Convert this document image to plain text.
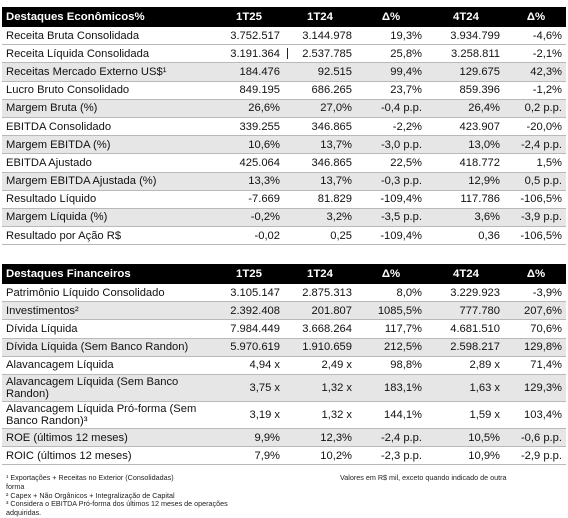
Destaques Econômicos%	1T25	1T24	Δ%	4T24	Δ%
Receita Bruta Consolidada	3.752.517	3.144.978	19,3%	3.934.799	-4,6%
Receita Líquida Consolidada	3.191.364	2.537.785	25,8%	3.258.811	-2,1%
Receitas Mercado Externo US$¹	184.476	92.515	99,4%	129.675	42,3%
Lucro Bruto Consolidado	849.195	686.265	23,7%	859.396	-1,2%
Margem Bruta (%)	26,6%	27,0%	-0,4 p.p.	26,4%	0,2 p.p.
EBITDA Consolidado	339.255	346.865	-2,2%	423.907	-20,0%
Margem EBITDA (%)	10,6%	13,7%	-3,0 p.p.	13,0%	-2,4 p.p.
EBITDA Ajustado	425.064	346.865	22,5%	418.772	1,5%
Margem EBITDA Ajustada (%)	13,3%	13,7%	-0,3 p.p.	12,9%	0,5 p.p.
Resultado Líquido	-7.669	81.829	-109,4%	117.786	-106,5%
Margem Líquida (%)	-0,2%	3,2%	-3,5 p.p.	3,6%	-3,9 p.p.
Resultado por Ação R$	-0,02	0,25	-109,4%	0,36	-106,5%
Destaques Financeiros	1T25	1T24	Δ%	4T24	Δ%
Patrimônio Líquido Consolidado	3.105.147	2.875.313	8,0%	3.229.923	-3,9%
Investimentos²	2.392.408	201.807	1085,5%	777.780	207,6%
Dívida Líquida	7.984.449	3.668.264	117,7%	4.681.510	70,6%
Dívida Líquida (Sem Banco Randon)	5.970.619	1.910.659	212,5%	2.598.217	129,8%
Alavancagem Líquida	4,94 x	2,49 x	98,8%	2,89 x	71,4%
Alavancagem Líquida (Sem Banco Randon)	3,75 x	1,32 x	183,1%	1,63 x	129,3%
Alavancagem Líquida Pró-forma (Sem Banco Randon)³	3,19 x	1,32 x	144,1%	1,59 x	103,4%
ROE (últimos 12 meses)	9,9%	12,3%	-2,4 p.p.	10,5%	-0,6 p.p.
ROIC (últimos 12 meses)	7,9%	10,2%	-2,3 p.p.	10,9%	-2,9 p.p.
¹ Exportações + Receitas no Exterior (Consolidadas)
forma
² Capex + Não Orgânicos + Integralização de Capital
³ Considera o EBITDA Pró-forma dos últimos 12 meses de operações adquiridas.
Valores em R$ mil, exceto quando indicado de outra
